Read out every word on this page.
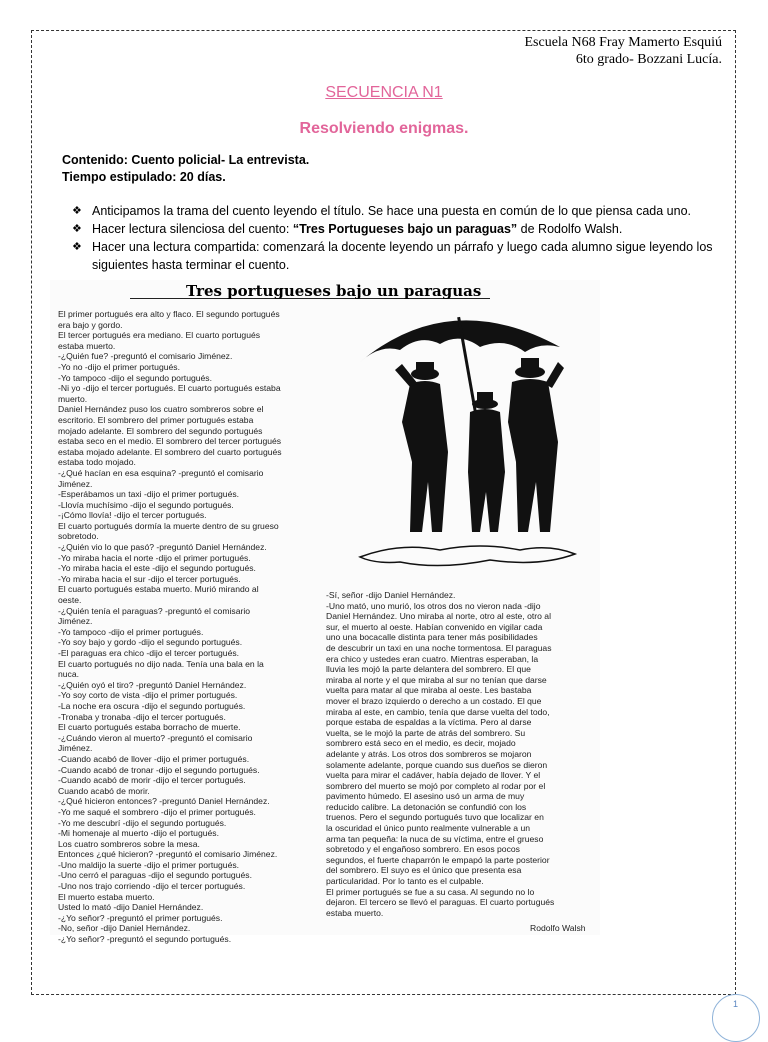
Escuela N68 Fray Mamerto Esquiú
6to grado- Bozzani Lucía.
SECUENCIA N1
Resolviendo enigmas.
Contenido: Cuento policial- La entrevista.
Tiempo estipulado: 20 días.
❖ Anticipamos la trama del cuento leyendo el título. Se hace una puesta en común de lo que piensa cada uno.
❖ Hacer lectura silenciosa del cuento: “Tres Portugueses bajo un paraguas” de Rodolfo Walsh.
❖ Hacer una lectura compartida: comenzará la docente leyendo un párrafo y luego cada alumno sigue leyendo los siguientes hasta terminar el cuento.
Tres portugueses bajo un paraguas

El primer portugués era alto y flaco. El segundo portugués

era bajo y gordo.

El tercer portugués era mediano. El cuarto portugués

estaba muerto.

-¿Quién fue? -preguntó el comisario Jiménez.

-Yo no -dijo el primer portugués.

-Yo tampoco -dijo el segundo portugués.

-Ni yo -dijo el tercer portugués. El cuarto portugués estaba

muerto.

Daniel Hernández puso los cuatro sombreros sobre el

escritorio. El sombrero del primer portugués estaba

mojado adelante. El sombrero del segundo portugués

estaba seco en el medio. El sombrero del tercer portugués

estaba mojado adelante. El sombrero del cuarto portugués

estaba todo mojado.

-¿Qué hacían en esa esquina? -preguntó el comisario

Jiménez.

-Esperábamos un taxi -dijo el primer portugués.

-Llovía muchísimo -dijo el segundo portugués.

-¡Cómo llovía! -dijo el tercer portugués.

El cuarto portugués dormía la muerte dentro de su grueso

sobretodo.

-¿Quién vio lo que pasó? -preguntó Daniel Hernández.

-Yo miraba hacia el norte -dijo el primer portugués.

-Yo miraba hacia el este -dijo el segundo portugués.

-Yo miraba hacia el sur -dijo el tercer portugués.

El cuarto portugués estaba muerto. Murió mirando al

oeste.

-¿Quién tenía el paraguas? -preguntó el comisario

Jiménez.

-Yo tampoco -dijo el primer portugués.

-Yo soy bajo y gordo -dijo el segundo portugués.

-El paraguas era chico -dijo el tercer portugués.

El cuarto portugués no dijo nada. Tenía una bala en la

nuca.

-¿Quién oyó el tiro? -preguntó Daniel Hernández.

-Yo soy corto de vista -dijo el primer portugués.

-La noche era oscura -dijo el segundo portugués.

-Tronaba y tronaba -dijo el tercer portugués.

El cuarto portugués estaba borracho de muerte.

-¿Cuándo vieron al muerto? -preguntó el comisario

Jiménez.

-Cuando acabó de llover -dijo el primer portugués.

-Cuando acabó de tronar -dijo el segundo portugués.

-Cuando acabó de morir -dijo el tercer portugués.

Cuando acabó de morir.

-¿Qué hicieron entonces? -preguntó Daniel Hernández.

-Yo me saqué el sombrero -dijo el primer portugués.

-Yo me descubrí -dijo el segundo portugués.

-Mi homenaje al muerto -dijo el portugués.

Los cuatro sombreros sobre la mesa.

Entonces ¿qué hicieron? -preguntó el comisario Jiménez.

-Uno maldijo la suerte -dijo el primer portugués.

-Uno cerró el paraguas -dijo el segundo portugués.

-Uno nos trajo corriendo -dijo el tercer portugués.

El muerto estaba muerto.

Usted lo mató -dijo Daniel Hernández.

-¿Yo señor? -preguntó el primer portugués.

-No, señor -dijo Daniel Hernández.

-¿Yo señor? -preguntó el segundo portugués.

-Sí, señor -dijo Daniel Hernández.

-Uno mató, uno murió, los otros dos no vieron nada -dijo

Daniel Hernández. Uno miraba al norte, otro al este, otro al

sur, el muerto al oeste. Habían convenido en vigilar cada

uno una bocacalle distinta para tener más posibilidades

de descubrir un taxi en una noche tormentosa. El paraguas

era chico y ustedes eran cuatro. Mientras esperaban, la

lluvia les mojó la parte delantera del sombrero. El que

miraba al norte y el que miraba al sur no tenían que darse

vuelta para matar al que miraba al oeste. Les bastaba

mover el brazo izquierdo o derecho a un costado. El que

miraba al este, en cambio, tenía que darse vuelta del todo,

porque estaba de espaldas a la víctima. Pero al darse

vuelta, se le mojó la parte de atrás del sombrero. Su

sombrero está seco en el medio, es decir, mojado

adelante y atrás. Los otros dos sombreros se mojaron

solamente adelante, porque cuando sus dueños se dieron

vuelta para mirar el cadáver, había dejado de llover. Y el

sombrero del muerto se mojó por completo al rodar por el

pavimento húmedo. El asesino usó un arma de muy

reducido calibre. La detonación se confundió con los

truenos. Pero el segundo portugués tuvo que localizar en

la oscuridad el único punto realmente vulnerable a un

arma tan pequeña: la nuca de su víctima, entre el grueso

sobretodo y el engañoso sombrero. En esos pocos

segundos, el fuerte chaparrón le empapó la parte posterior

del sombrero. El suyo es el único que presenta esa

particularidad. Por lo tanto es el culpable.

El primer portugués se fue a su casa. Al segundo no lo

dejaron. El tercero se llevó el paraguas. El cuarto portugués

estaba muerto.

Rodolfo Walsh
1
